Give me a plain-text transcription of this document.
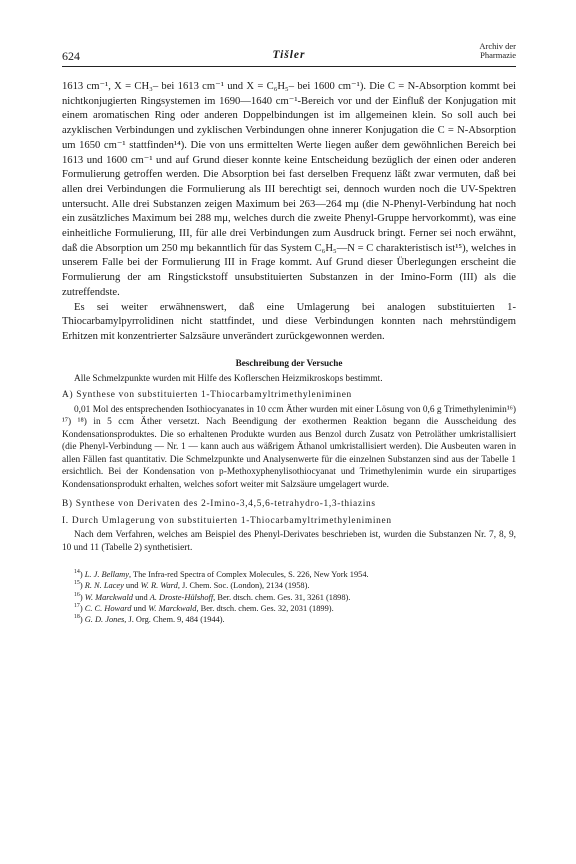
624	Tišler
Archiv der
Pharmazie

1613 cm⁻¹, X = CH₃– bei 1613 cm⁻¹ und X = C₆H₅– bei 1600 cm⁻¹). Die C = N-Absorption kommt bei nichtkonjugierten Ringsystemen im 1690—1640 cm⁻¹-Bereich vor und der Einfluß der Konjugation mit einem aromatischen Ring oder anderen Doppelbindungen ist im allgemeinen klein. So soll auch bei azyklischen Verbindungen und zyklischen Verbindungen ohne innerer Konjugation die C = N-Absorption um 1650 cm⁻¹ stattfinden¹⁴). Die von uns ermittelten Werte liegen außer dem gewöhnlichen Bereich bei 1613 und 1600 cm⁻¹ und auf Grund dieser konnte keine Entscheidung bezüglich der einen oder anderen Formulierung getroffen werden. Die Absorption bei fast derselben Frequenz läßt zwar vermuten, daß bei allen drei Verbindungen die Formulierung als III berechtigt sei, dennoch wurden noch die UV-Spektren untersucht. Alle drei Substanzen zeigen Maximum bei 263—264 mμ (die N-Phenyl-Verbindung hat noch ein zusätzliches Maximum bei 288 mμ, welches durch die zweite Phenyl-Gruppe hervorkommt), was eine einheitliche Formulierung, III, für alle drei Verbindungen zum Ausdruck bringt. Ferner sei noch erwähnt, daß die Absorption um 250 mμ bekanntlich für das System C₆H₅—N = C charakteristisch ist¹⁵), welches in unserem Falle bei der Formulierung III in Frage kommt. Auf Grund dieser Überlegungen erscheint die Formulierung der am Ringstickstoff unsubstituierten Substanzen in der Imino-Form (III) als die zutreffendste.

Es sei weiter erwähnenswert, daß eine Umlagerung bei analogen substituierten 1-Thiocarbamylpyrrolidinen nicht stattfindet, und diese Verbindungen konnten nach mehrstündigem Erhitzen mit konzentrierter Salzsäure unverändert zurückgewonnen werden.

Beschreibung der Versuche

Alle Schmelzpunkte wurden mit Hilfe des Koflerschen Heizmikroskops bestimmt.

A) Synthese von substituierten 1-Thiocarbamyltrimethyleniminen

0,01 Mol des entsprechenden Isothiocyanates in 10 ccm Äther wurden mit einer Lösung von 0,6 g Trimethylenimin¹⁶) ¹⁷) ¹⁸) in 5 ccm Äther versetzt. Nach Beendigung der exothermen Reaktion begann die Ausscheidung des Kondensationsproduktes. Die so erhaltenen Produkte wurden aus Benzol durch Zusatz von Petroläther umkristallisiert (die Phenyl-Verbindung — Nr. 1 — kann auch aus wäßrigem Äthanol umkristallisiert werden). Die Ausbeuten waren in allen Fällen fast quantitativ. Die Schmelzpunkte und Analysenwerte für die einzelnen Substanzen sind aus der Tabelle 1 ersichtlich. Bei der Kondensation von p-Methoxyphenylisothiocyanat und Trimethylenimin wurde ein sirupartiges Kondensationsprodukt erhalten, welches sofort weiter mit Salzsäure umgelagert wurde.

B) Synthese von Derivaten des 2-Imino-3,4,5,6-tetrahydro-1,3-thiazins

I. Durch Umlagerung von substituierten 1-Thiocarbamyltrimethyleniminen

Nach dem Verfahren, welches am Beispiel des Phenyl-Derivates beschrieben ist, wurden die Substanzen Nr. 7, 8, 9, 10 und 11 (Tabelle 2) synthetisiert.

$^{14}$) L. J. Bellamy, The Infra-red Spectra of Complex Molecules, S. 226, New York 1954.
$^{15}$) R. N. Lacey und W. R. Ward, J. Chem. Soc. (London), 2134 (1958).
$^{16}$) W. Marckwald und A. Droste-Hülshoff, Ber. dtsch. chem. Ges. 31, 3261 (1898).
$^{17}$) C. C. Howard und W. Marckwald, Ber. dtsch. chem. Ges. 32, 2031 (1899).
$^{18}$) G. D. Jones, J. Org. Chem. 9, 484 (1944).
